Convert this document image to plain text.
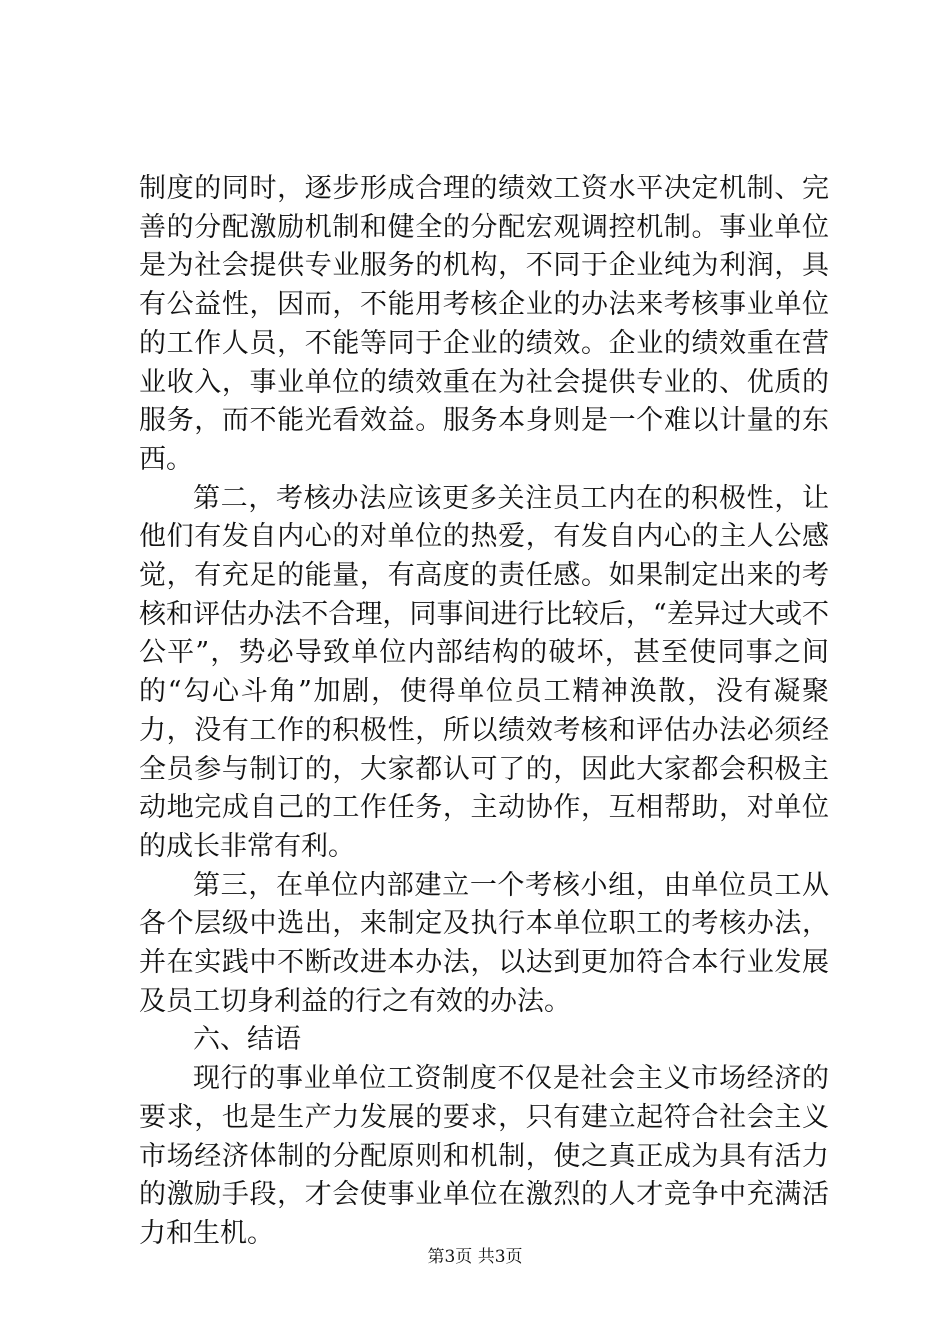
制度的同时，逐步形成合理的绩效工资水平决定机制、完善的分配激励机制和健全的分配宏观调控机制。事业单位是为社会提供专业服务的机构，不同于企业纯为利润，具有公益性，因而，不能用考核企业的办法来考核事业单位的工作人员，不能等同于企业的绩效。企业的绩效重在营业收入，事业单位的绩效重在为社会提供专业的、优质的服务，而不能光看效益。服务本身则是一个难以计量的东西。

第二，考核办法应该更多关注员工内在的积极性，让他们有发自内心的对单位的热爱，有发自内心的主人公感觉，有充足的能量，有高度的责任感。如果制定出来的考核和评估办法不合理，同事间进行比较后，“差异过大或不公平”，势必导致单位内部结构的破坏，甚至使同事之间的“勾心斗角”加剧，使得单位员工精神涣散，没有凝聚力，没有工作的积极性，所以绩效考核和评估办法必须经全员参与制订的，大家都认可了的，因此大家都会积极主动地完成自己的工作任务，主动协作，互相帮助，对单位的成长非常有利。

第三，在单位内部建立一个考核小组，由单位员工从各个层级中选出，来制定及执行本单位职工的考核办法，并在实践中不断改进本办法，以达到更加符合本行业发展及员工切身利益的行之有效的办法。

六、结语

现行的事业单位工资制度不仅是社会主义市场经济的要求，也是生产力发展的要求，只有建立起符合社会主义市场经济体制的分配原则和机制，使之真正成为具有活力的激励手段，才会使事业单位在激烈的人才竞争中充满活力和生机。

第3页 共3页
